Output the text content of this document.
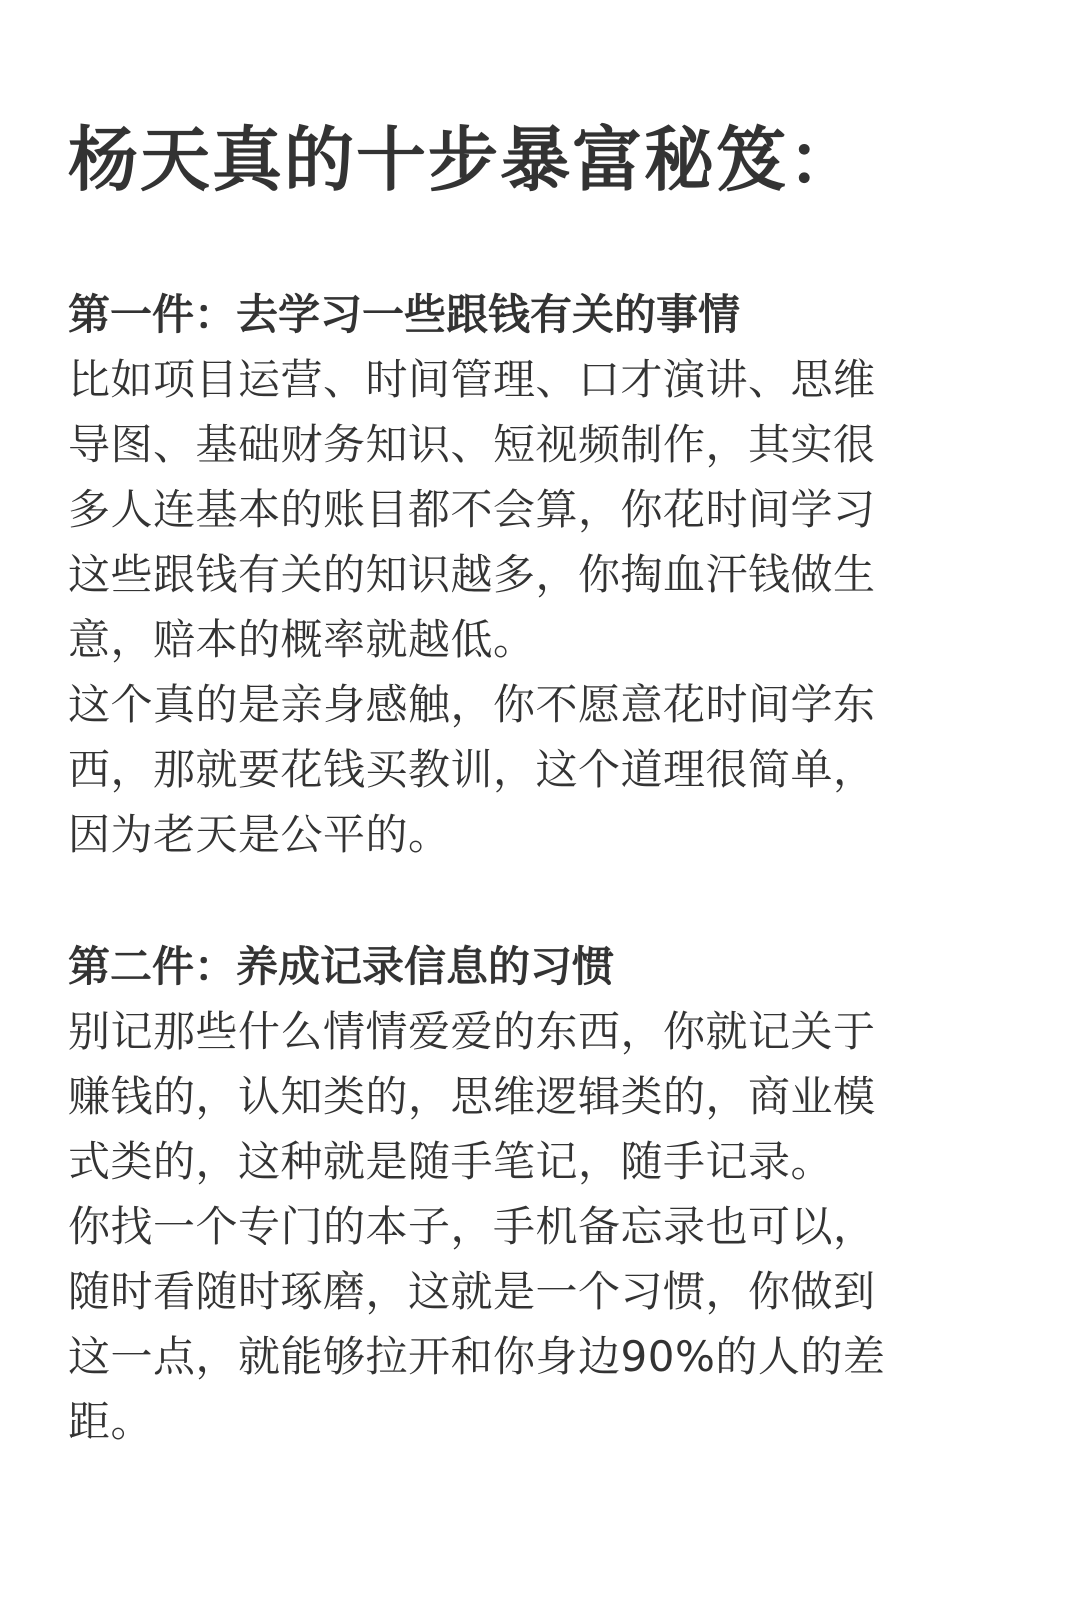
杨天真的十步暴富秘笈：
第一件：去学习一些跟钱有关的事情
比如项目运营、时间管理、口才演讲、思维
导图、基础财务知识、短视频制作，其实很
多人连基本的账目都不会算，你花时间学习
这些跟钱有关的知识越多，你掏血汗钱做生
意，赔本的概率就越低。
这个真的是亲身感触，你不愿意花时间学东
西，那就要花钱买教训，这个道理很简单，
因为老天是公平的。
第二件：养成记录信息的习惯
别记那些什么情情爱爱的东西，你就记关于
赚钱的，认知类的，思维逻辑类的，商业模
式类的，这种就是随手笔记，随手记录。
你找一个专门的本子，手机备忘录也可以，
随时看随时琢磨，这就是一个习惯，你做到
这一点，就能够拉开和你身边90%的人的差
距。
